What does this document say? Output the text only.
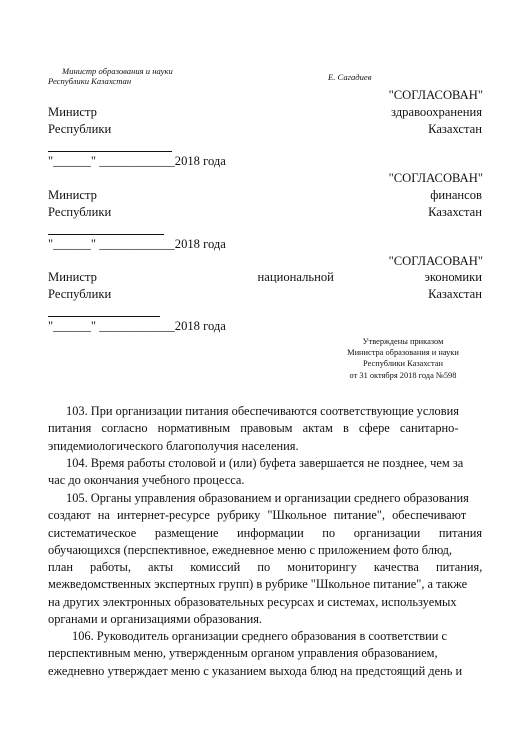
Министр образования и науки
Республики Казахстан	Е. Сагадиев
"СОГЛАСОВАН"
Министр	здравоохранения
Республики	Казахстан
"______" ____________2018 года
"СОГЛАСОВАН"
Министр	финансов
Республики	Казахстан
"______" ____________2018 года
"СОГЛАСОВАН"
Министр	национальной	экономики
Республики	Казахстан
"______" ____________2018 года
Утверждены приказом
Министра образования и науки
Республики Казахстан
от 31 октября 2018 года №598
103. При организации питания обеспечиваются соответствующие условия
питания согласно нормативным правовым актам в сфере санитарно-
эпидемиологического благополучия населения.
104. Время работы столовой и (или) буфета завершается не позднее, чем за
час до окончания учебного процесса.
105. Органы управления образованием и организации среднего образования
создают на интернет-ресурсе рубрику "Школьное питание", обеспечивают
систематическое размещение информации по организации питания
обучающихся (перспективное, ежедневное меню с приложением фото блюд,
план работы, акты комиссий по мониторингу качества питания,
межведомственных экспертных групп) в рубрике "Школьное питание", а также
на других электронных образовательных ресурсах и системах, используемых
органами и организациями образования.
106. Руководитель организации среднего образования в соответствии с
перспективным меню, утвержденным органом управления образованием,
ежедневно утверждает меню с указанием выхода блюд на предстоящий день и
